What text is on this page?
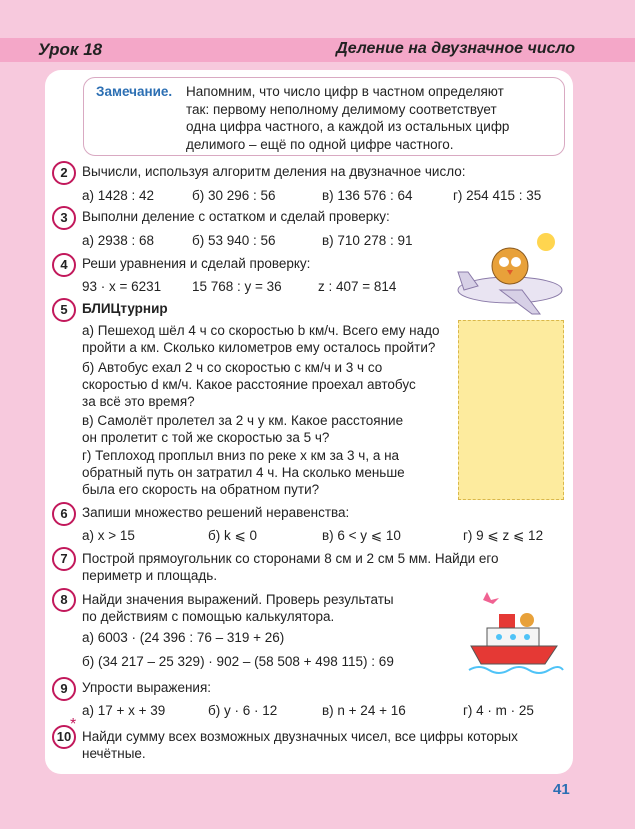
Урок 18	Деление на двузначное число
Замечание. Напомним, что число цифр в частном определяют
так: первому неполному делимому соответствует
одна цифра частного, а каждой из остальных цифр
делимого – ещё по одной цифре частного.
2	Вычисли, используя алгоритм деления на двузначное число:
а) 1428 : 42	б) 30 296 : 56	в) 136 576 : 64	г) 254 415 : 35
3	Выполни деление с остатком и сделай проверку:
а) 2938 : 68	б) 53 940 : 56	в) 710 278 : 91
4	Реши уравнения и сделай проверку:
93 · x = 6231 15 768 : y = 36	z : 407 = 814
5	БЛИЦтурнир
а) Пешеход шёл 4 ч со скоростью b км/ч. Всего ему надо
пройти a км. Сколько километров ему осталось пройти?
б) Автобус ехал 2 ч со скоростью c км/ч и 3 ч со
скоростью d км/ч. Какое расстояние проехал автобус
за всё это время?
в) Самолёт пролетел за 2 ч y км. Какое расстояние
он пролетит с той же скоростью за 5 ч?
г) Теплоход проплыл вниз по реке x км за 3 ч, а на
обратный путь он затратил 4 ч. На сколько меньше
была его скорость на обратном пути?
6	Запиши множество решений неравенства:
а) x > 15	б) k ⩽ 0	в) 6 < y ⩽ 10	г) 9 ⩽ z ⩽ 12
7	Построй прямоугольник со сторонами 8 см и 2 см 5 мм. Найди его
периметр и площадь.
8	Найди значения выражений. Проверь результаты
по действиям с помощью калькулятора.
а) 6003 · (24 396 : 76 – 319 + 26)
б) (34 217 – 25 329) · 902 – (58 508 + 498 115) : 69
9	Упрости выражения:
а) 17 + x + 39	б) y · 6 · 12	в) n + 24 + 16	г) 4 · m · 25
10
*
Найди сумму всех возможных двузначных чисел, все цифры которых
нечётные.
41
